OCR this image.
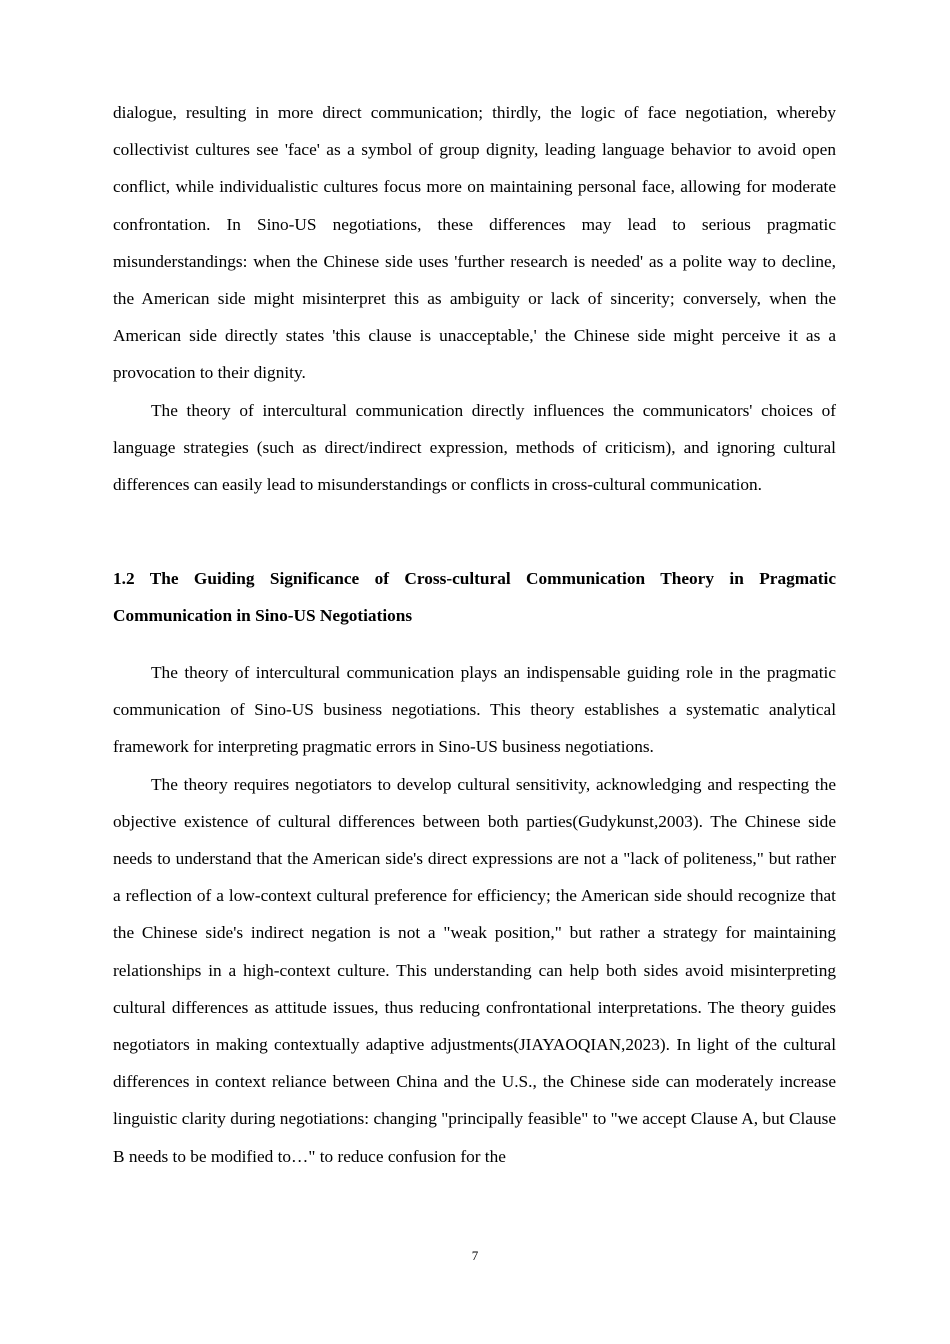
dialogue, resulting in more direct communication; thirdly, the logic of face negotiation, whereby collectivist cultures see 'face' as a symbol of group dignity, leading language behavior to avoid open conflict, while individualistic cultures focus more on maintaining personal face, allowing for moderate confrontation. In Sino-US negotiations, these differences may lead to serious pragmatic misunderstandings: when the Chinese side uses 'further research is needed' as a polite way to decline, the American side might misinterpret this as ambiguity or lack of sincerity; conversely, when the American side directly states 'this clause is unacceptable,' the Chinese side might perceive it as a provocation to their dignity.

The theory of intercultural communication directly influences the communicators' choices of language strategies (such as direct/indirect expression, methods of criticism), and ignoring cultural differences can easily lead to misunderstandings or conflicts in cross-cultural communication.

1.2 The Guiding Significance of Cross-cultural Communication Theory in Pragmatic Communication in Sino-US Negotiations

The theory of intercultural communication plays an indispensable guiding role in the pragmatic communication of Sino-US business negotiations. This theory establishes a systematic analytical framework for interpreting pragmatic errors in Sino-US business negotiations.

The theory requires negotiators to develop cultural sensitivity, acknowledging and respecting the objective existence of cultural differences between both parties(Gudykunst,2003). The Chinese side needs to understand that the American side's direct expressions are not a "lack of politeness," but rather a reflection of a low-context cultural preference for efficiency; the American side should recognize that the Chinese side's indirect negation is not a "weak position," but rather a strategy for maintaining relationships in a high-context culture. This understanding can help both sides avoid misinterpreting cultural differences as attitude issues, thus reducing confrontational interpretations. The theory guides negotiators in making contextually adaptive adjustments(JIAYAOQIAN,2023). In light of the cultural differences in context reliance between China and the U.S., the Chinese side can moderately increase linguistic clarity during negotiations: changing "principally feasible" to "we accept Clause A, but Clause B needs to be modified to…" to reduce confusion for the

7
